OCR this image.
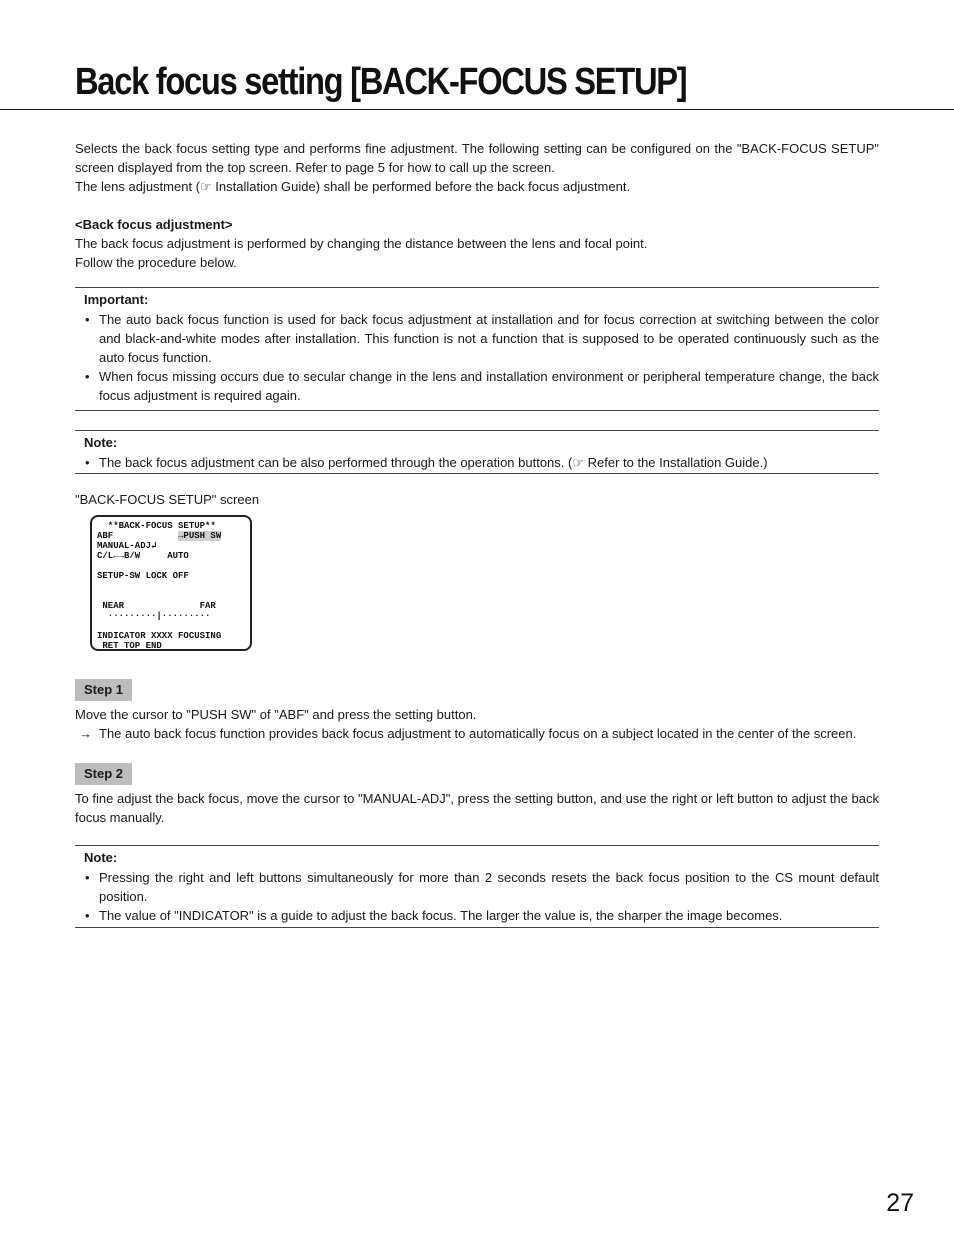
Back focus setting [BACK-FOCUS SETUP]

Selects the back focus setting type and performs fine adjustment. The following setting can be configured on the "BACK-FOCUS SETUP" screen displayed from the top screen. Refer to page 5 for how to call up the screen.

The lens adjustment (☞ Installation Guide) shall be performed before the back focus adjustment.

<Back focus adjustment>

The back focus adjustment is performed by changing the distance between the lens and focal point.

Follow the procedure below.

Important:
• The auto back focus function is used for back focus adjustment at installation and for focus correction at switching between the color and black-and-white modes after installation. This function is not a function that is supposed to be operated continuously such as the auto focus function.
• When focus missing occurs due to secular change in the lens and installation environment or peripheral temperature change, the back focus adjustment is required again.
Note:
• The back focus adjustment can be also performed through the operation buttons. (☞ Refer to the Installation Guide.)

"BACK-FOCUS SETUP" screen

**BACK-FOCUS SETUP**
ABF	→PUSH SW
MANUAL-ADJ↲
C/L←→B/W     AUTO

SETUP-SW LOCK OFF

NEAR              FAR
·········|·········

INDICATOR XXXX FOCUSING
RET TOP END
Step 1

Move the cursor to "PUSH SW" of "ABF" and press the setting button.

→ The auto back focus function provides back focus adjustment to automatically focus on a subject located in the center of the screen.
Step 2

To fine adjust the back focus, move the cursor to "MANUAL-ADJ", press the setting button, and use the right or left button to adjust the back focus manually.

Note:
• Pressing the right and left buttons simultaneously for more than 2 seconds resets the back focus position to the CS mount default position.
• The value of "INDICATOR" is a guide to adjust the back focus. The larger the value is, the sharper the image becomes.
27
